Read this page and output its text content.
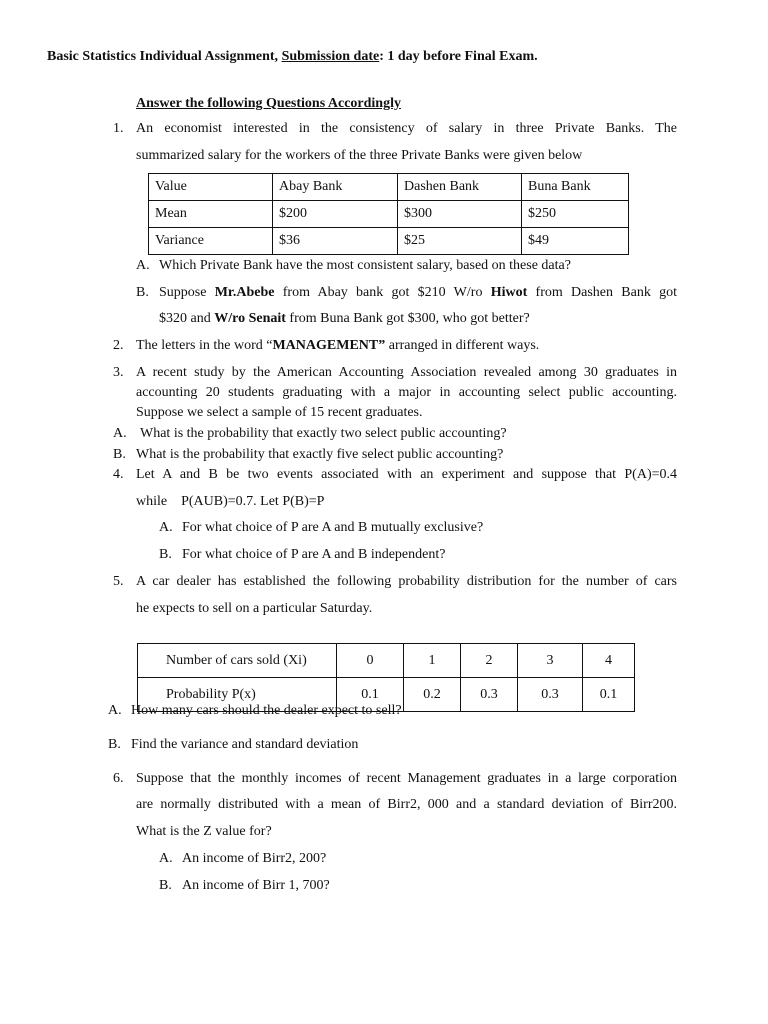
Basic Statistics Individual Assignment, Submission date: 1 day before Final Exam.
Answer the following Questions Accordingly
1. An economist interested in the consistency of salary in three Private Banks. The
summarized salary for the workers of the three Private Banks were given below
Value	Abay Bank	Dashen Bank	Buna Bank
Mean	$200	$300	$250
Variance	$36	$25	$49
A. Which Private Bank have the most consistent salary, based on these data?
B. Suppose Mr.Abebe from Abay bank got $210 W/ro Hiwot from Dashen Bank got
$320 and W/ro Senait from Buna Bank got $300, who got better?
2. The letters in the word “MANAGEMENT” arranged in different ways.
3. A recent study by the American Accounting Association revealed among 30 graduates in
accounting 20 students graduating with a major in accounting select public accounting.
Suppose we select a sample of 15 recent graduates.
A. What is the probability that exactly two select public accounting?
B. What is the probability that exactly five select public accounting?
4. Let A and B be two events associated with an experiment and suppose that P(A)=0.4
while    P(AUB)=0.7. Let P(B)=P
A. For what choice of P are A and B mutually exclusive?
B. For what choice of P are A and B independent?
5. A car dealer has established the following probability distribution for the number of cars
he expects to sell on a particular Saturday.
Number of cars sold (Xi)	0	1	2	3	4
Probability P(x)	0.1	0.2	0.3	0.3	0.1
A. How many cars should the dealer expect to sell?
B. Find the variance and standard deviation
6. Suppose that the monthly incomes of recent Management graduates in a large corporation
are normally distributed with a mean of Birr2, 000 and a standard deviation of Birr200.
What is the Z value for?
A. An income of Birr2, 200?
B. An income of Birr 1, 700?
